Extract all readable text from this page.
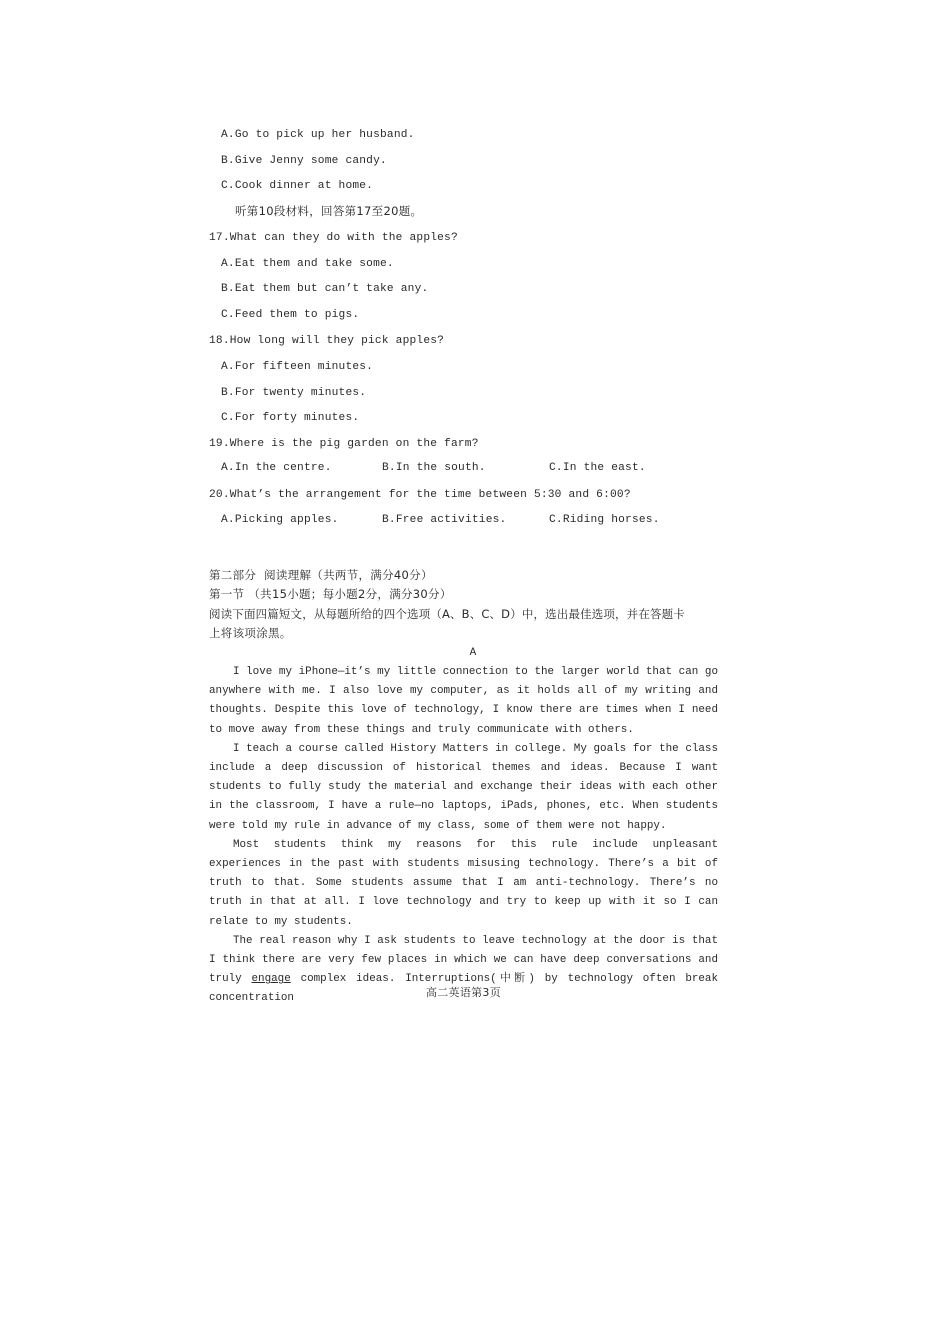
A.Go to pick up her husband.
B.Give Jenny some candy.
C.Cook dinner at home.
听第10段材料，回答第17至20题。
17.What can they do with the apples?
A.Eat them and take some.
B.Eat them but can’t take any.
C.Feed them to pigs.
18.How long will they pick apples?
A.For fifteen minutes.
B.For twenty minutes.
C.For forty minutes.
19.Where is the pig garden on the farm?
A.In the centre.	B.In the south.	C.In the east.
20.What’s the arrangement for the time between 5:30 and 6:00?
A.Picking apples.	B.Free activities.	C.Riding horses.
第二部分  阅读理解（共两节，满分40分）
第一节 （共15小题；每小题2分，满分30分）
阅读下面四篇短文，从每题所给的四个选项（A、B、C、D）中，选出最佳选项，并在答题卡
上将该项涂黑。
A

I love my iPhone—it’s my little connection to the larger world that can go anywhere with me. I also love my computer, as it holds all of my writing and thoughts. Despite this love of technology, I know there are times when I need to move away from these things and truly communicate with others.

I teach a course called History Matters in college. My goals for the class include a deep discussion of historical themes and ideas. Because I want students to fully study the material and exchange their ideas with each other in the classroom, I have a rule—no laptops, iPads, phones, etc. When students were told my rule in advance of my class, some of them were not happy.

Most students think my reasons for this rule include unpleasant experiences in the past with students misusing technology. There’s a bit of truth to that. Some students assume that I am anti-technology. There’s no truth in that at all. I love technology and try to keep up with it so I can relate to my students.

The real reason why I ask students to leave technology at the door is that I think there are very few places in which we can have deep conversations and truly engage complex ideas. Interruptions(中断) by technology often break concentration	高二英语第3页
